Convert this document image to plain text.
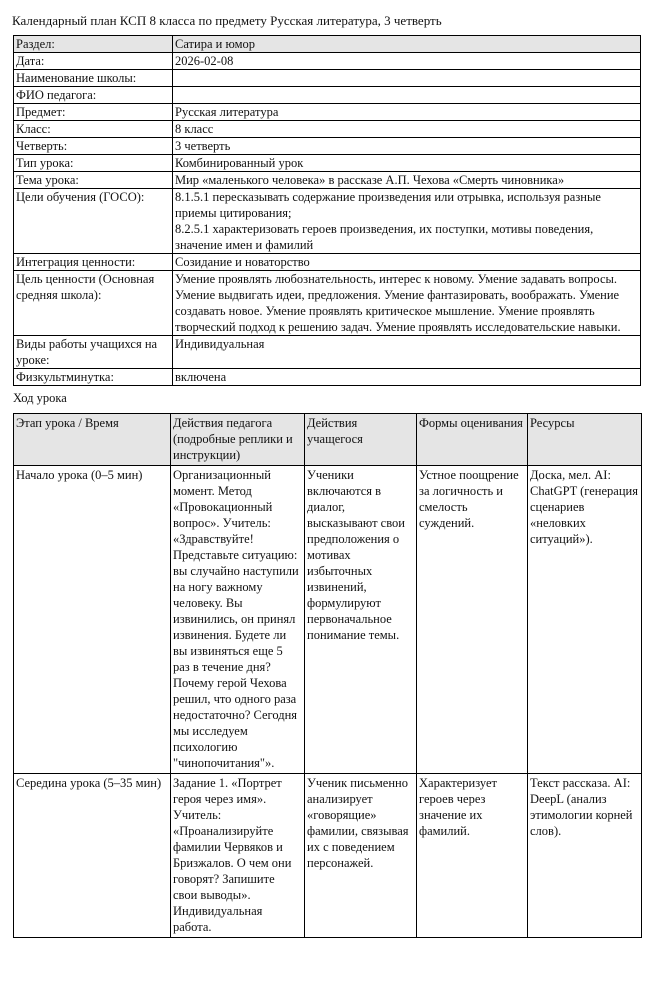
Календарный план КСП 8 класса по предмету Русская литература, 3 четверть
Раздел:	Сатира и юмор
Дата:	2026-02-08
Наименование школы:	
ФИО педагога:	
Предмет:	Русская литература
Класс:	8 класс
Четверть:	3 четверть
Тип урока:	Комбинированный урок
Тема урока:	Мир «маленького человека» в рассказе А.П. Чехова «Смерть чиновника»
Цели обучения (ГОСО):	8.1.5.1 пересказывать содержание произведения или отрывка, используя разные приемы цитирования;
8.2.5.1 характеризовать героев произведения, их поступки, мотивы поведения, значение имен и фамилий

Интеграция ценности:	Созидание и новаторство
Цель ценности (Основная средняя школа):	Умение проявлять любознательность, интерес к новому. Умение задавать вопросы. Умение выдвигать идеи, предложения. Умение фантазировать, воображать. Умение создавать новое. Умение проявлять критическое мышление. Умение проявлять творческий подход к решению задач. Умение проявлять исследовательские навыки.
Виды работы учащихся на уроке:	Индивидуальная
Физкультминутка:	включена
Ход урока
Этап урока / Время	Действия педагога (подробные реплики и инструкции)	Действия учащегося	Формы оценивания	Ресурсы
Начало урока (0–5 мин)	Организационный момент. Метод «Провокационный вопрос». Учитель: «Здравствуйте! Представьте ситуацию: вы случайно наступили на ногу важному человеку. Вы извинились, он принял извинения. Будете ли вы извиняться еще 5 раз в течение дня? Почему герой Чехова решил, что одного раза недостаточно? Сегодня мы исследуем психологию "чинопочитания"».	Ученики включаются в диалог, высказывают свои предположения о мотивах избыточных извинений, формулируют первоначальное понимание темы.	Устное поощрение за логичность и смелость суждений.	Доска, мел. AI: ChatGPT (генерация сценариев «неловких ситуаций»).
Середина урока (5–35 мин)	Задание 1. «Портрет героя через имя». Учитель: «Проанализируйте фамилии Червяков и Бризжалов. О чем они говорят? Запишите свои выводы». Индивидуальная работа.	Ученик письменно анализирует «говорящие» фамилии, связывая их с поведением персонажей.	Характеризует героев через значение их фамилий.	Текст рассказа. AI: DeepL (анализ этимологии корней слов).
